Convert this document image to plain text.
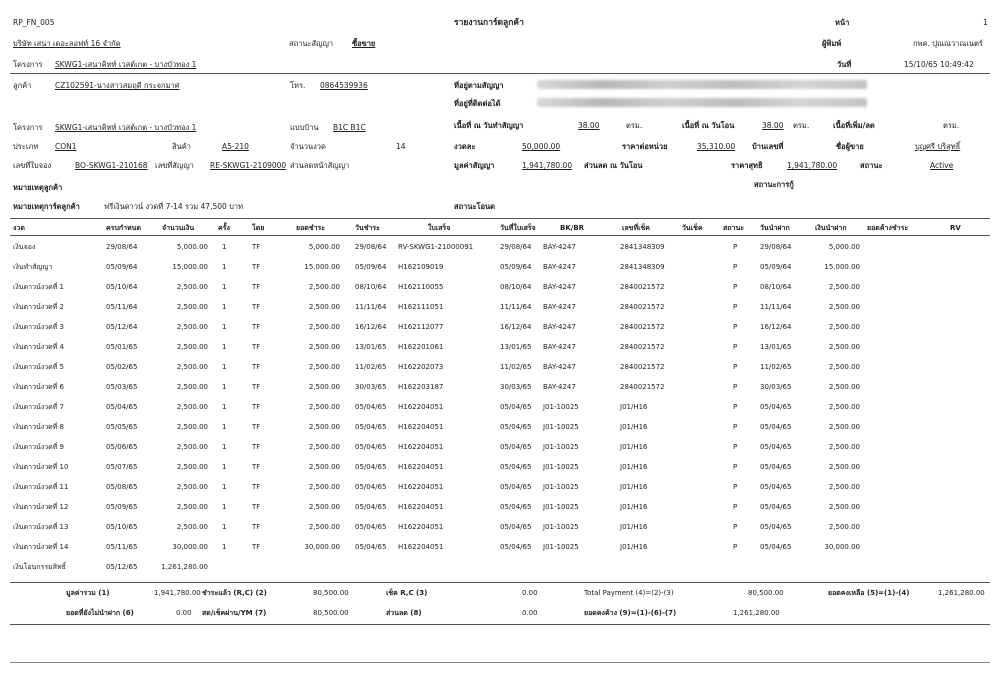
RP_FN_005
บริษัท เสนา เดอะลอฟท์ 16 จำกัด
รายงานการ์ดลูกค้า
สถานะสัญญา	ซื้อขาย
หน้า	1
ผู้พิมพ์	กพค. ปุณณวาณเนตร์
โครงการ SKWG1-เสนาคิทท์ เวสต์เกต - บางบัวทอง 1	วันที่	15/10/65 10:49:42
ลูกค้า	CZ102591-นางสาวสมฤดี กระจกมาศ	โทร. 0864539936	ที่อยู่ตามสัญญา
ที่อยู่ที่ติดต่อได้
โครงการ SKWG1-เสนาคิทท์ เวสต์เกต - บางบัวทอง 1	แบบบ้าน B1C B1C	เนื้อที่ ณ วันทำสัญญา	38.00	ตรม.	เนื้อที่ ณ วันโอน	38.00 ตรม.	เนื้อที่เพิ่ม/ลด	ตรม.
ประเภท CON1	สินค้า	A5-210	จำนวนงวด	14	งวดละ	50,000.00	ราคาต่อหน่วย	35,310.00 บ้านเลขที่	ชื่อผู้ขาย	บุญศรี บริสุทธิ์
เลขที่ใบจอง	BO-SKWG1-210168 เลขที่สัญญา RE-SKWG1-2109000 ส่วนลดหน้าสัญญา	มูลค่าสัญญา	1,941,780.00 ส่วนลด ณ วันโอน	ราคาสุทธิ	1,941,780.00	สถานะ	Active
สถานะการกู้
หมายเหตุลูกค้า
หมายเหตุการ์ดลูกค้า	ฟรีเงินดาวน์ งวดที่ 7-14 รวม 47,500 บาท	สถานะโอนด
งวด	ครบกำหนด	จำนวนเงิน	ครั้ง	โดย	ยอดชำระ	วันชำระ	ใบเสร็จ	วันที่ใบเสร็จ	BK/BR	เลขที่เช็ค	วันเช็ค	สถานะ วันนำฝาก	เงินนำฝาก	ยอดค้างชำระ	RV
เงินจอง	29/08/64	5,000.00 1	TF	5,000.00 29/08/64 RV-SKWG1-21000091	29/08/64 BAY-4247	2841348309	P	29/08/64	5,000.00
เงินทำสัญญา	05/09/64	15,000.00 1	TF	15,000.00 05/09/64 H162109019	05/09/64 BAY-4247	2841348309	P	05/09/64	15,000.00
เงินดาวน์งวดที่ 1	05/10/64	2,500.00 1	TF	2,500.00 08/10/64 H162110055	08/10/64 BAY-4247	2840021572	P	08/10/64	2,500.00
เงินดาวน์งวดที่ 2	05/11/64	2,500.00 1	TF	2,500.00 11/11/64 H162111051	11/11/64 BAY-4247	2840021572	P	11/11/64	2,500.00
เงินดาวน์งวดที่ 3	05/12/64	2,500.00 1	TF	2,500.00 16/12/64 H162112077	16/12/64 BAY-4247	2840021572	P	16/12/64	2,500.00
เงินดาวน์งวดที่ 4	05/01/65	2,500.00 1	TF	2,500.00 13/01/65 H162201061	13/01/65 BAY-4247	2840021572	P	13/01/65	2,500.00
เงินดาวน์งวดที่ 5	05/02/65	2,500.00 1	TF	2,500.00 11/02/65 H162202073	11/02/65 BAY-4247	2840021572	P	11/02/65	2,500.00
เงินดาวน์งวดที่ 6	05/03/65	2,500.00 1	TF	2,500.00 30/03/65 H162203187	30/03/65 BAY-4247	2840021572	P	30/03/65	2,500.00
เงินดาวน์งวดที่ 7	05/04/65	2,500.00 1	TF	2,500.00 05/04/65 H162204051	05/04/65 J01-10025	J01/H16	P	05/04/65	2,500.00
เงินดาวน์งวดที่ 8	05/05/65	2,500.00 1	TF	2,500.00 05/04/65 H162204051	05/04/65 J01-10025	J01/H16	P	05/04/65	2,500.00
เงินดาวน์งวดที่ 9	05/06/65	2,500.00 1	TF	2,500.00 05/04/65 H162204051	05/04/65 J01-10025	J01/H16	P	05/04/65	2,500.00
เงินดาวน์งวดที่ 10	05/07/65	2,500.00 1	TF	2,500.00 05/04/65 H162204051	05/04/65 J01-10025	J01/H16	P	05/04/65	2,500.00
เงินดาวน์งวดที่ 11	05/08/65	2,500.00 1	TF	2,500.00 05/04/65 H162204051	05/04/65 J01-10025	J01/H16	P	05/04/65	2,500.00
เงินดาวน์งวดที่ 12	05/09/65	2,500.00 1	TF	2,500.00 05/04/65 H162204051	05/04/65 J01-10025	J01/H16	P	05/04/65	2,500.00
เงินดาวน์งวดที่ 13	05/10/65	2,500.00 1	TF	2,500.00 05/04/65 H162204051	05/04/65 J01-10025	J01/H16	P	05/04/65	2,500.00
เงินดาวน์งวดที่ 14	05/11/65	30,000.00 1	TF	30,000.00 05/04/65 H162204051	05/04/65 J01-10025	J01/H16	P	05/04/65	30,000.00
เงินโอนกรรมสิทธิ์	05/12/65	1,261,280.00
มูลค่ารวม (1)	1,941,780.00 ชำระแล้ว (R,C) (2)	80,500.00	เช็ค R,C (3)	0.00	Total Payment (4)=(2)-(3)	80,500.00	ยอดคงเหลือ (5)=(1)-(4)	1,261,280.00
ยอดที่ยังไม่นำฝาก (6)	0.00 สด/เช็คผ่าน/YM (7)	80,500.00	ส่วนลด (8)	0.00	ยอดคงค้าง (9)=(1)-(6)-(7)	1,261,280.00
